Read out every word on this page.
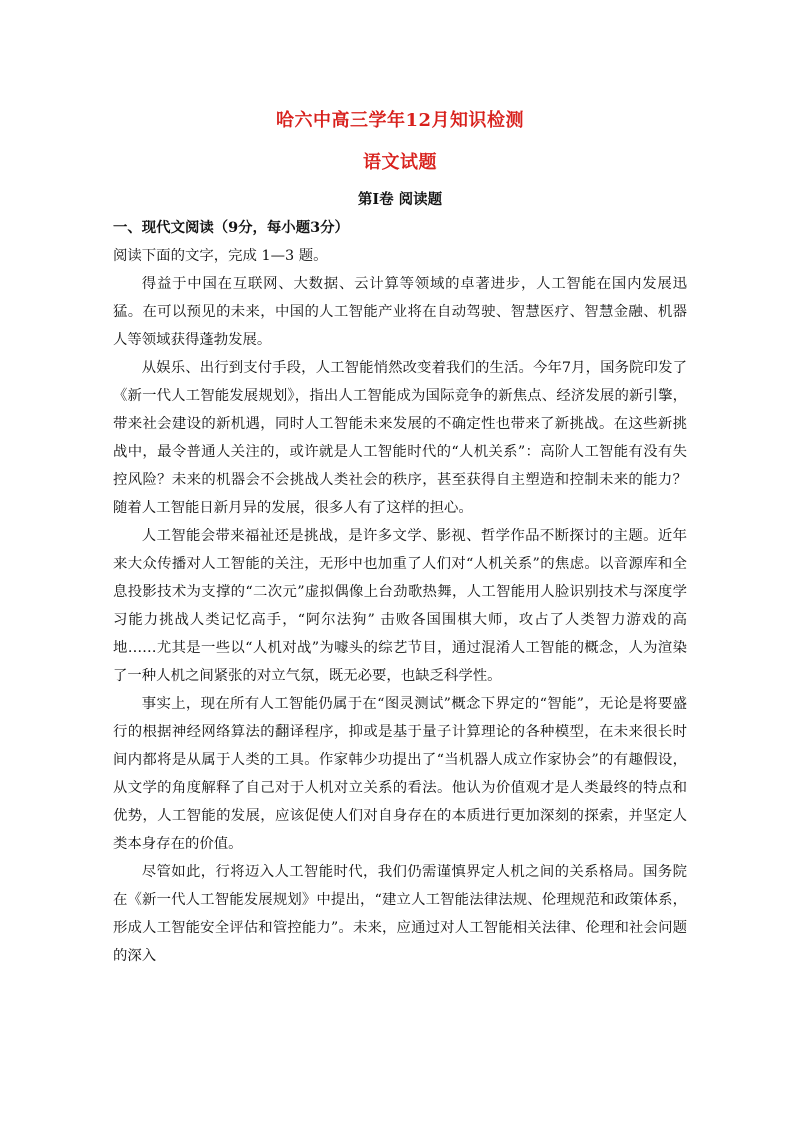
哈六中高三学年12月知识检测
语文试题
第Ⅰ卷 阅读题

一、现代文阅读（9分，每小题3分）

阅读下面的文字，完成 1—3 题。

得益于中国在互联网、大数据、云计算等领域的卓著进步，人工智能在国内发展迅猛。在可以预见的未来，中国的人工智能产业将在自动驾驶、智慧医疗、智慧金融、机器人等领域获得蓬勃发展。

从娱乐、出行到支付手段，人工智能悄然改变着我们的生活。今年7月，国务院印发了《新一代人工智能发展规划》，指出人工智能成为国际竞争的新焦点、经济发展的新引擎，带来社会建设的新机遇，同时人工智能未来发展的不确定性也带来了新挑战。在这些新挑战中，最令普通人关注的，或许就是人工智能时代的“人机关系”：高阶人工智能有没有失控风险？未来的机器会不会挑战人类社会的秩序，甚至获得自主塑造和控制未来的能力？随着人工智能日新月异的发展，很多人有了这样的担心。

人工智能会带来福祉还是挑战，是许多文学、影视、哲学作品不断探讨的主题。近年来大众传播对人工智能的关注，无形中也加重了人们对“人机关系”的焦虑。以音源库和全息投影技术为支撑的“二次元”虚拟偶像上台劲歌热舞，人工智能用人脸识别技术与深度学习能力挑战人类记忆高手，“阿尔法狗” 击败各国围棋大师，攻占了人类智力游戏的高地……尤其是一些以“人机对战”为噱头的综艺节目，通过混淆人工智能的概念，人为渲染了一种人机之间紧张的对立气氛，既无必要，也缺乏科学性。

事实上，现在所有人工智能仍属于在“图灵测试”概念下界定的“智能”，无论是将要盛行的根据神经网络算法的翻译程序，抑或是基于量子计算理论的各种模型，在未来很长时间内都将是从属于人类的工具。作家韩少功提出了“当机器人成立作家协会”的有趣假设，从文学的角度解释了自己对于人机对立关系的看法。他认为价值观才是人类最终的特点和优势，人工智能的发展，应该促使人们对自身存在的本质进行更加深刻的探索，并坚定人类本身存在的价值。

尽管如此，行将迈入人工智能时代，我们仍需谨慎界定人机之间的关系格局。国务院在《新一代人工智能发展规划》中提出，“建立人工智能法律法规、伦理规范和政策体系，形成人工智能安全评估和管控能力”。未来，应通过对人工智能相关法律、伦理和社会问题的深入
